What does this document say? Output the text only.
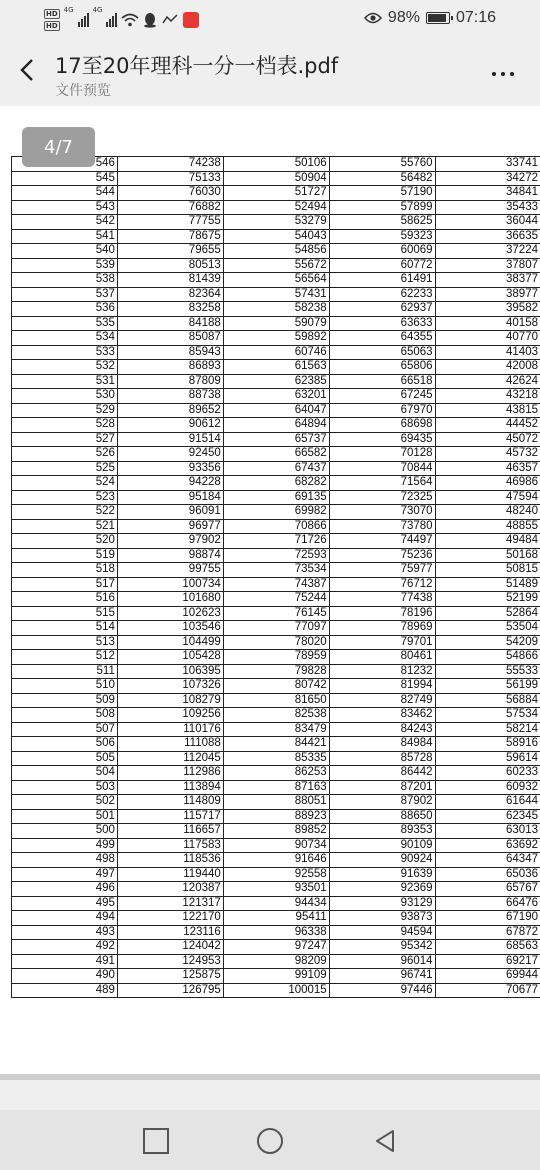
HD
HD
4G	4G	98% 07:16
17至20年理科一分一档表.pdf
文件预览
4/7
546	74238	50106	55760	33741
545	75133	50904	56482	34272
544	76030	51727	57190	34841
543	76882	52494	57899	35433
542	77755	53279	58625	36044
541	78675	54043	59323	36635
540	79655	54856	60069	37224
539	80513	55672	60772	37807
538	81439	56564	61491	38377
537	82364	57431	62233	38977
536	83258	58238	62937	39582
535	84188	59079	63633	40158
534	85087	59892	64355	40770
533	85943	60746	65063	41403
532	86893	61563	65806	42008
531	87809	62385	66518	42624
530	88738	63201	67245	43218
529	89652	64047	67970	43815
528	90612	64894	68698	44452
527	91514	65737	69435	45072
526	92450	66582	70128	45732
525	93356	67437	70844	46357
524	94228	68282	71564	46986
523	95184	69135	72325	47594
522	96091	69982	73070	48240
521	96977	70866	73780	48855
520	97902	71726	74497	49484
519	98874	72593	75236	50168
518	99755	73534	75977	50815
517	100734	74387	76712	51489
516	101680	75244	77438	52199
515	102623	76145	78196	52864
514	103546	77097	78969	53504
513	104499	78020	79701	54209
512	105428	78959	80461	54866
511	106395	79828	81232	55533
510	107326	80742	81994	56199
509	108279	81650	82749	56884
508	109256	82538	83462	57534
507	110176	83479	84243	58214
506	111088	84421	84984	58916
505	112045	85335	85728	59614
504	112986	86253	86442	60233
503	113894	87163	87201	60932
502	114809	88051	87902	61644
501	115717	88923	88650	62345
500	116657	89852	89353	63013
499	117583	90734	90109	63692
498	118536	91646	90924	64347
497	119440	92558	91639	65036
496	120387	93501	92369	65767
495	121317	94434	93129	66476
494	122170	95411	93873	67190
493	123116	96338	94594	67872
492	124042	97247	95342	68563
491	124953	98209	96014	69217
490	125875	99109	96741	69944
489	126795	100015	97446	70677
